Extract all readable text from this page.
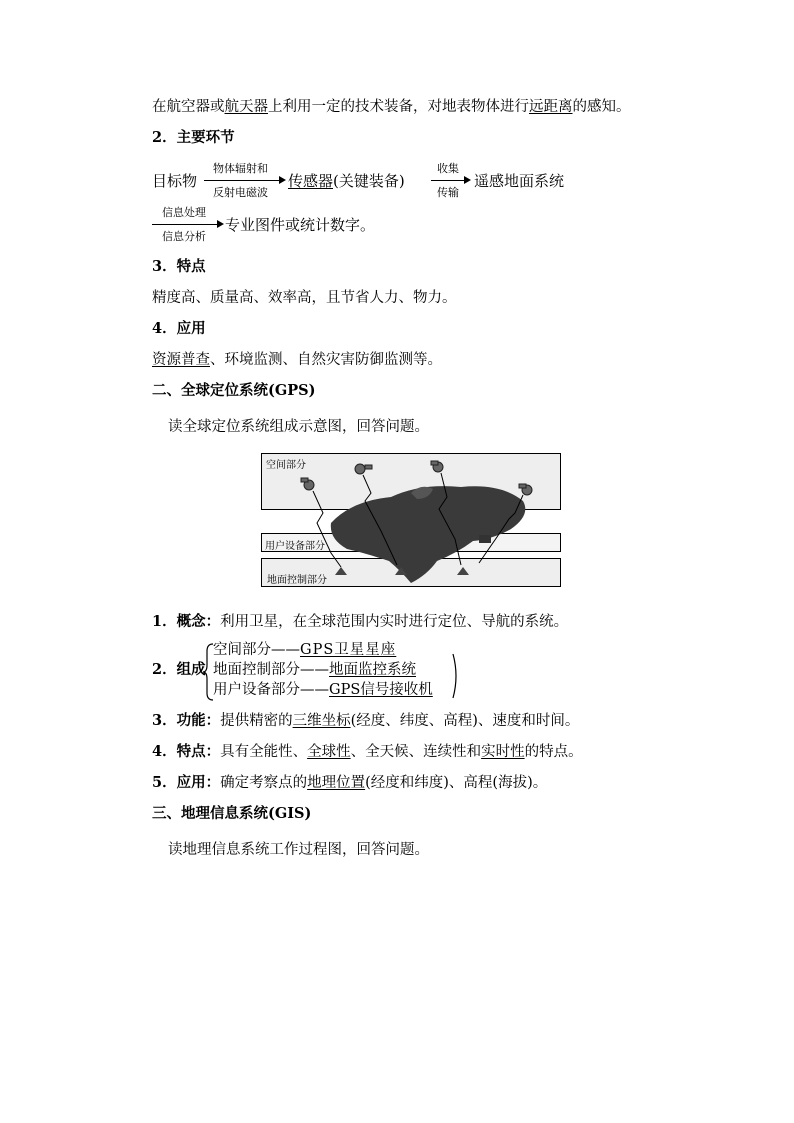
在航空器或航天器上利用一定的技术装备，对地表物体进行远距离的感知。
2．主要环节
目标物
物体辐射和
反射电磁波
传感器(关键装备)
收集
传输
遥感地面系统
信息处理
信息分析
专业图件或统计数字。
3．特点
精度高、质量高、效率高，且节省人力、物力。
4．应用
资源普查、环境监测、自然灾害防御监测等。
二、全球定位系统(GPS)
读全球定位系统组成示意图，回答问题。
空间部分
用户设备部分
地面控制部分
1．概念：利用卫星，在全球范围内实时进行定位、导航的系统。
2．组成
空间部分——GPS卫星星座
地面控制部分——地面监控系统
用户设备部分——GPS信号接收机
3．功能：提供精密的三维坐标(经度、纬度、高程)、速度和时间。
4．特点：具有全能性、全球性、全天候、连续性和实时性的特点。
5．应用：确定考察点的地理位置(经度和纬度)、高程(海拔)。
三、地理信息系统(GIS)
读地理信息系统工作过程图，回答问题。
